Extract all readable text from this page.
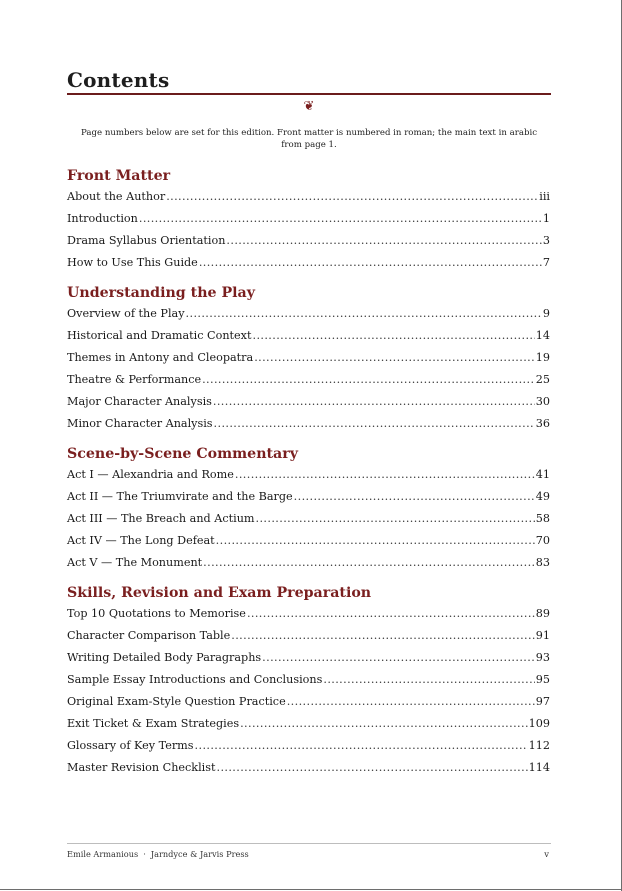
Contents
❦
Page numbers below are set for this edition. Front matter is numbered in roman; the main text in arabic from page 1.
Front Matter
About the Author .....	iii
Introduction .....	1
Drama Syllabus Orientation .....	3
How to Use This Guide .....	7
Understanding the Play
Overview of the Play .....	9
Historical and Dramatic Context .....	14
Themes in Antony and Cleopatra .....	19
Theatre & Performance .....	25
Major Character Analysis .....	30
Minor Character Analysis .....	36
Scene-by-Scene Commentary
Act I — Alexandria and Rome .....	41
Act II — The Triumvirate and the Barge .....	49
Act III — The Breach and Actium .....	58
Act IV — The Long Defeat .....	70
Act V — The Monument .....	83
Skills, Revision and Exam Preparation
Top 10 Quotations to Memorise .....	89
Character Comparison Table .....	91
Writing Detailed Body Paragraphs .....	93
Sample Essay Introductions and Conclusions .....	95
Original Exam-Style Question Practice .....	97
Exit Ticket & Exam Strategies .....	109
Glossary of Key Terms .....	112
Master Revision Checklist .....	114
Emile Armanious · Jarndyce & Jarvis Press	v
